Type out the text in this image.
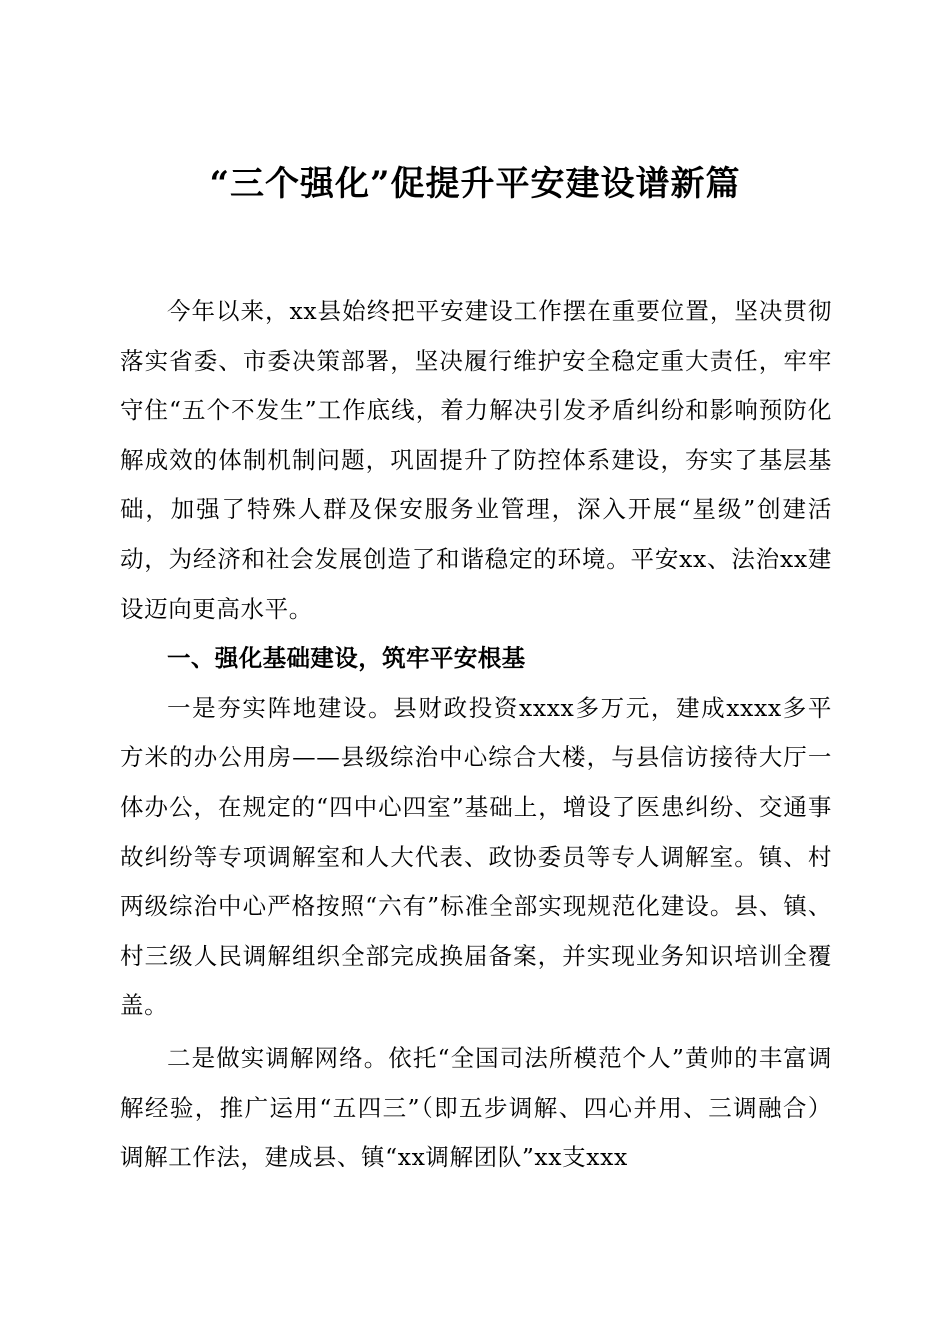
“三个强化”促提升平安建设谱新篇

今年以来，xx县始终把平安建设工作摆在重要位置，坚决贯彻落实省委、市委决策部署，坚决履行维护安全稳定重大责任，牢牢守住“五个不发生”工作底线，着力解决引发矛盾纠纷和影响预防化解成效的体制机制问题，巩固提升了防控体系建设，夯实了基层基础，加强了特殊人群及保安服务业管理，深入开展“星级”创建活动，为经济和社会发展创造了和谐稳定的环境。平安xx、法治xx建设迈向更高水平。

一、强化基础建设，筑牢平安根基

一是夯实阵地建设。县财政投资xxxx多万元，建成xxxx多平方米的办公用房——县级综治中心综合大楼，与县信访接待大厅一体办公，在规定的“四中心四室”基础上，增设了医患纠纷、交通事故纠纷等专项调解室和人大代表、政协委员等专人调解室。镇、村两级综治中心严格按照“六有”标准全部实现规范化建设。县、镇、村三级人民调解组织全部完成换届备案，并实现业务知识培训全覆盖。

二是做实调解网络。依托“全国司法所模范个人”黄帅的丰富调解经验，推广运用“五四三”（即五步调解、四心并用、三调融合）调解工作法，建成县、镇“xx调解团队”xx支xxx
